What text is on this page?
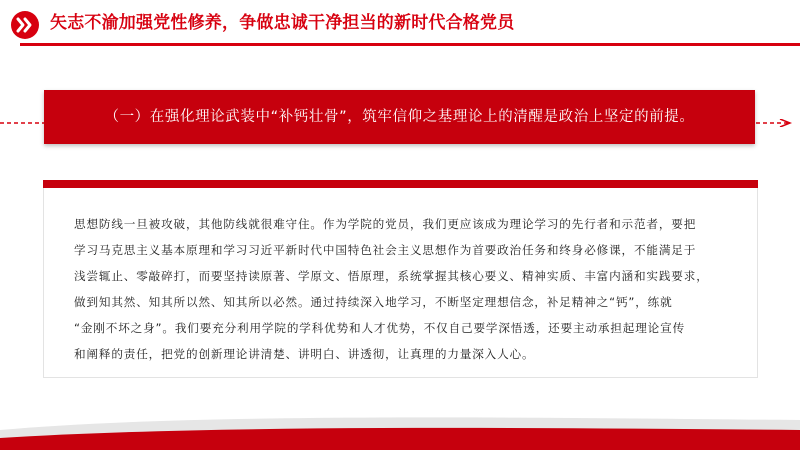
矢志不渝加强党性修养，争做忠诚干净担当的新时代合格党员
（一）在强化理论武装中“补钙壮骨”，筑牢信仰之基理论上的清醒是政治上坚定的前提。
思想防线一旦被攻破，其他防线就很难守住。作为学院的党员，我们更应该成为理论学习的先行者和示范者，要把
学习马克思主义基本原理和学习习近平新时代中国特色社会主义思想作为首要政治任务和终身必修课，不能满足于
浅尝辄止、零敲碎打，而要坚持读原著、学原文、悟原理，系统掌握其核心要义、精神实质、丰富内涵和实践要求，
做到知其然、知其所以然、知其所以必然。通过持续深入地学习，不断坚定理想信念，补足精神之“钙”，练就
“金刚不坏之身”。我们要充分利用学院的学科优势和人才优势，不仅自己要学深悟透，还要主动承担起理论宣传
和阐释的责任，把党的创新理论讲清楚、讲明白、讲透彻，让真理的力量深入人心。
